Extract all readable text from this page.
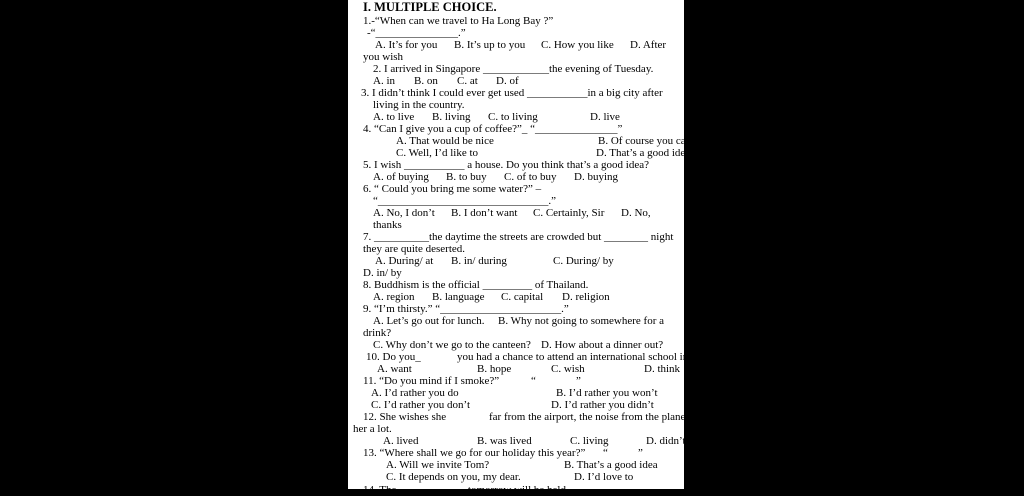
I. MULTIPLE CHOICE.
1.-“When can we travel to Ha Long Bay ?”
-“_______________.”
A. It’s for you B. It’s up to you C. How you like D. After
you wish
2. I arrived in Singapore ____________the evening of Tuesday.
A. in B. on C. at D. of
3. I didn’t think I could ever get used ___________in a big city after
living in the country.
A. to live B. living C. to living	D. live
4. “Can I give you a cup of coffee?”_ “_______________”
A. That would be nice	B. Of course you can
C. Well, I’d like to	D. That’s a good idea
5. I wish ___________ a house. Do you think that’s a good idea?
A. of buying B. to buy C. of to buy D. buying
6. “ Could you bring me some water?” –
“_______________________________.”
A. No, I don’t B. I don’t want C. Certainly, Sir D. No,
thanks
7. __________the daytime the streets are crowded but ________ night
they are quite deserted.
A. During/ at B. in/ during	C. During/ by
D. in/ by
8. Buddhism is the official _________ of Thailand.
A. region B. language C. capital D. religion
9. “I’m thirsty.” “______________________.”
A. Let’s go out for lunch. B. Why not going to somewhere for a
drink?
C. Why don’t we go to the canteen? D. How about a dinner out?
10. Do you_	you had a chance to attend an international school in B
A. want	B. hope	C. wish	D. think
11. “Do you mind if I smoke?”	“	”
A. I’d rather you do	B. I’d rather you won’t
C. I’d rather you don’t	D. I’d rather you didn’t
12. She wishes she	far from the airport, the noise from the planes d
her a lot.
A. lived	B. was lived	C. living	D. didn’t
13. “Where shall we go for our holiday this year?” “	”
A. Will we invite Tom?	B. That’s a good idea
C. It depends on you, my dear.	D. I’d love to
14. The ____________ tomorrow will be held ...
